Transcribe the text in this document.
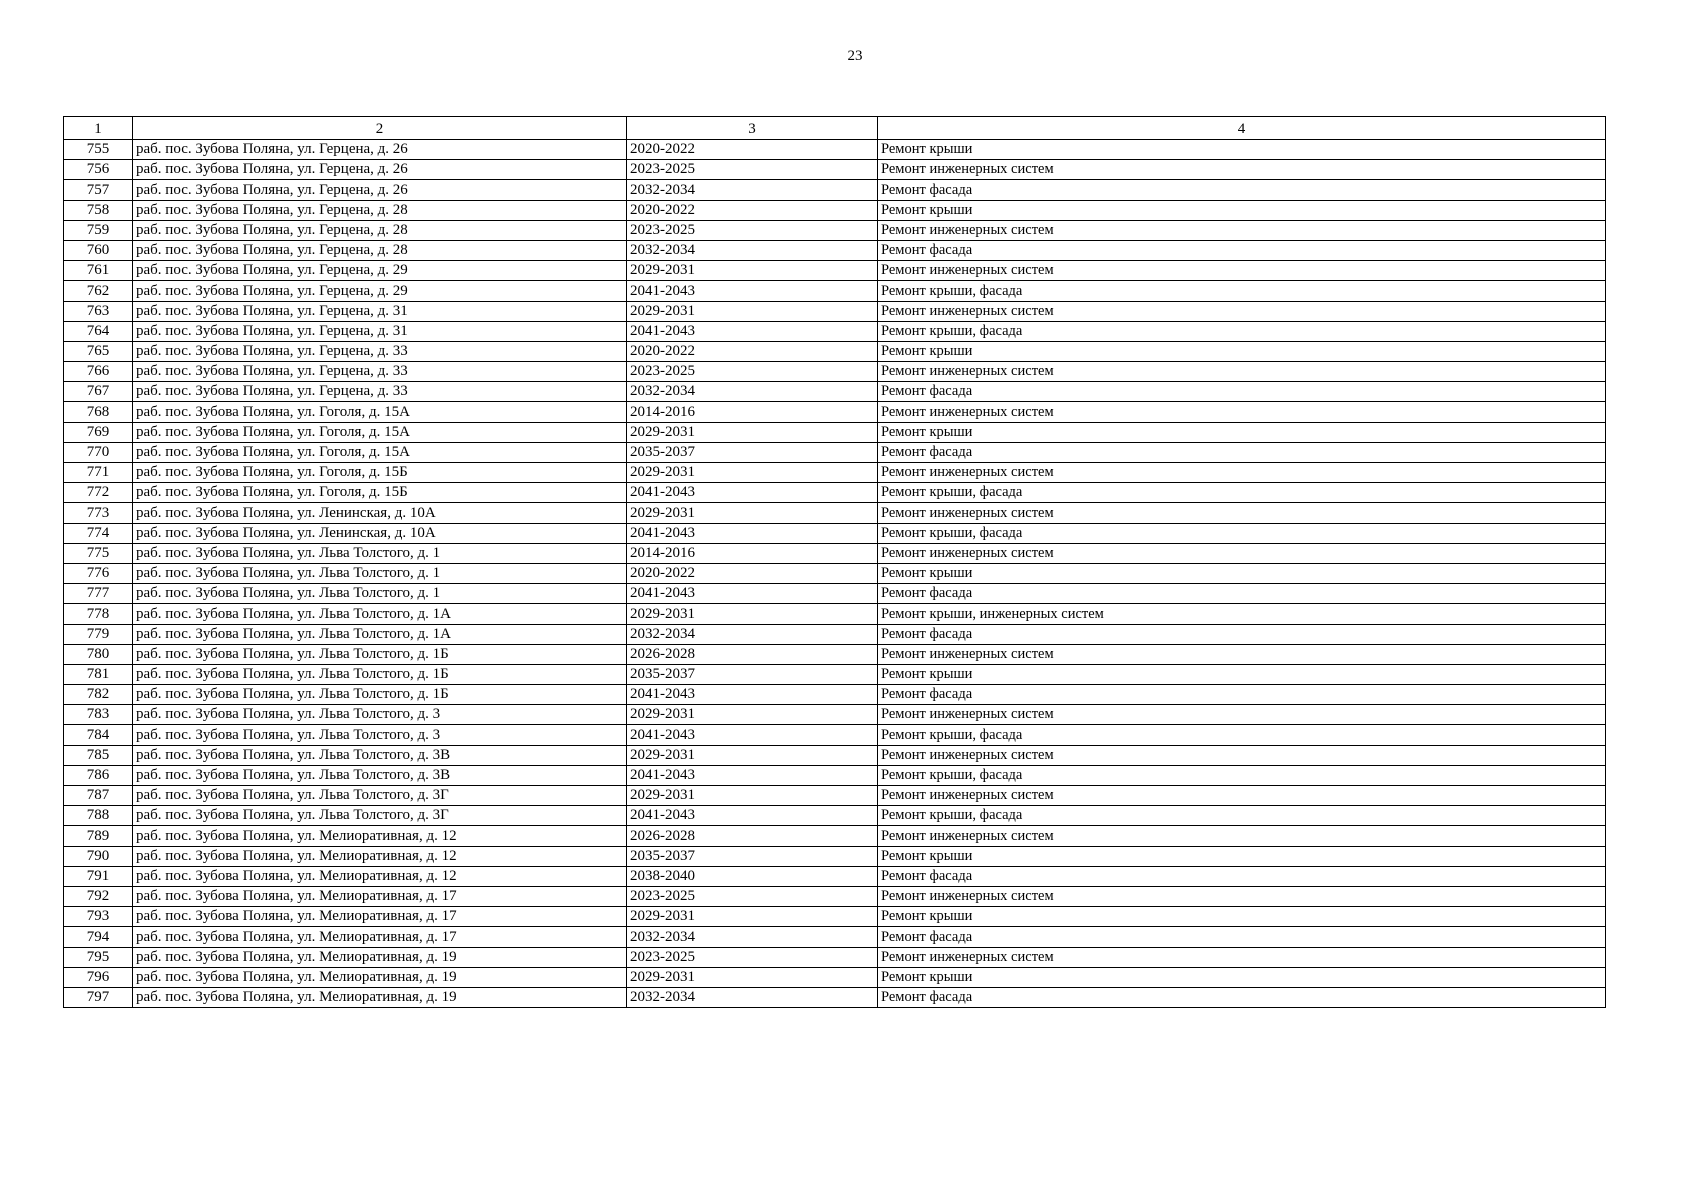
23
1	2	3	4
755	раб. пос. Зубова Поляна, ул. Герцена, д. 26	2020-2022	Ремонт крыши
756	раб. пос. Зубова Поляна, ул. Герцена, д. 26	2023-2025	Ремонт инженерных систем
757	раб. пос. Зубова Поляна, ул. Герцена, д. 26	2032-2034	Ремонт фасада
758	раб. пос. Зубова Поляна, ул. Герцена, д. 28	2020-2022	Ремонт крыши
759	раб. пос. Зубова Поляна, ул. Герцена, д. 28	2023-2025	Ремонт инженерных систем
760	раб. пос. Зубова Поляна, ул. Герцена, д. 28	2032-2034	Ремонт фасада
761	раб. пос. Зубова Поляна, ул. Герцена, д. 29	2029-2031	Ремонт инженерных систем
762	раб. пос. Зубова Поляна, ул. Герцена, д. 29	2041-2043	Ремонт крыши, фасада
763	раб. пос. Зубова Поляна, ул. Герцена, д. 31	2029-2031	Ремонт инженерных систем
764	раб. пос. Зубова Поляна, ул. Герцена, д. 31	2041-2043	Ремонт крыши, фасада
765	раб. пос. Зубова Поляна, ул. Герцена, д. 33	2020-2022	Ремонт крыши
766	раб. пос. Зубова Поляна, ул. Герцена, д. 33	2023-2025	Ремонт инженерных систем
767	раб. пос. Зубова Поляна, ул. Герцена, д. 33	2032-2034	Ремонт фасада
768	раб. пос. Зубова Поляна, ул. Гоголя, д. 15А	2014-2016	Ремонт инженерных систем
769	раб. пос. Зубова Поляна, ул. Гоголя, д. 15А	2029-2031	Ремонт крыши
770	раб. пос. Зубова Поляна, ул. Гоголя, д. 15А	2035-2037	Ремонт фасада
771	раб. пос. Зубова Поляна, ул. Гоголя, д. 15Б	2029-2031	Ремонт инженерных систем
772	раб. пос. Зубова Поляна, ул. Гоголя, д. 15Б	2041-2043	Ремонт крыши, фасада
773	раб. пос. Зубова Поляна, ул. Ленинская, д. 10А	2029-2031	Ремонт инженерных систем
774	раб. пос. Зубова Поляна, ул. Ленинская, д. 10А	2041-2043	Ремонт крыши, фасада
775	раб. пос. Зубова Поляна, ул. Льва Толстого, д. 1	2014-2016	Ремонт инженерных систем
776	раб. пос. Зубова Поляна, ул. Льва Толстого, д. 1	2020-2022	Ремонт крыши
777	раб. пос. Зубова Поляна, ул. Льва Толстого, д. 1	2041-2043	Ремонт фасада
778	раб. пос. Зубова Поляна, ул. Льва Толстого, д. 1А	2029-2031	Ремонт крыши, инженерных систем
779	раб. пос. Зубова Поляна, ул. Льва Толстого, д. 1А	2032-2034	Ремонт фасада
780	раб. пос. Зубова Поляна, ул. Льва Толстого, д. 1Б	2026-2028	Ремонт инженерных систем
781	раб. пос. Зубова Поляна, ул. Льва Толстого, д. 1Б	2035-2037	Ремонт крыши
782	раб. пос. Зубова Поляна, ул. Льва Толстого, д. 1Б	2041-2043	Ремонт фасада
783	раб. пос. Зубова Поляна, ул. Льва Толстого, д. 3	2029-2031	Ремонт инженерных систем
784	раб. пос. Зубова Поляна, ул. Льва Толстого, д. 3	2041-2043	Ремонт крыши, фасада
785	раб. пос. Зубова Поляна, ул. Льва Толстого, д. 3В	2029-2031	Ремонт инженерных систем
786	раб. пос. Зубова Поляна, ул. Льва Толстого, д. 3В	2041-2043	Ремонт крыши, фасада
787	раб. пос. Зубова Поляна, ул. Льва Толстого, д. 3Г	2029-2031	Ремонт инженерных систем
788	раб. пос. Зубова Поляна, ул. Льва Толстого, д. 3Г	2041-2043	Ремонт крыши, фасада
789	раб. пос. Зубова Поляна, ул. Мелиоративная, д. 12	2026-2028	Ремонт инженерных систем
790	раб. пос. Зубова Поляна, ул. Мелиоративная, д. 12	2035-2037	Ремонт крыши
791	раб. пос. Зубова Поляна, ул. Мелиоративная, д. 12	2038-2040	Ремонт фасада
792	раб. пос. Зубова Поляна, ул. Мелиоративная, д. 17	2023-2025	Ремонт инженерных систем
793	раб. пос. Зубова Поляна, ул. Мелиоративная, д. 17	2029-2031	Ремонт крыши
794	раб. пос. Зубова Поляна, ул. Мелиоративная, д. 17	2032-2034	Ремонт фасада
795	раб. пос. Зубова Поляна, ул. Мелиоративная, д. 19	2023-2025	Ремонт инженерных систем
796	раб. пос. Зубова Поляна, ул. Мелиоративная, д. 19	2029-2031	Ремонт крыши
797	раб. пос. Зубова Поляна, ул. Мелиоративная, д. 19	2032-2034	Ремонт фасада
